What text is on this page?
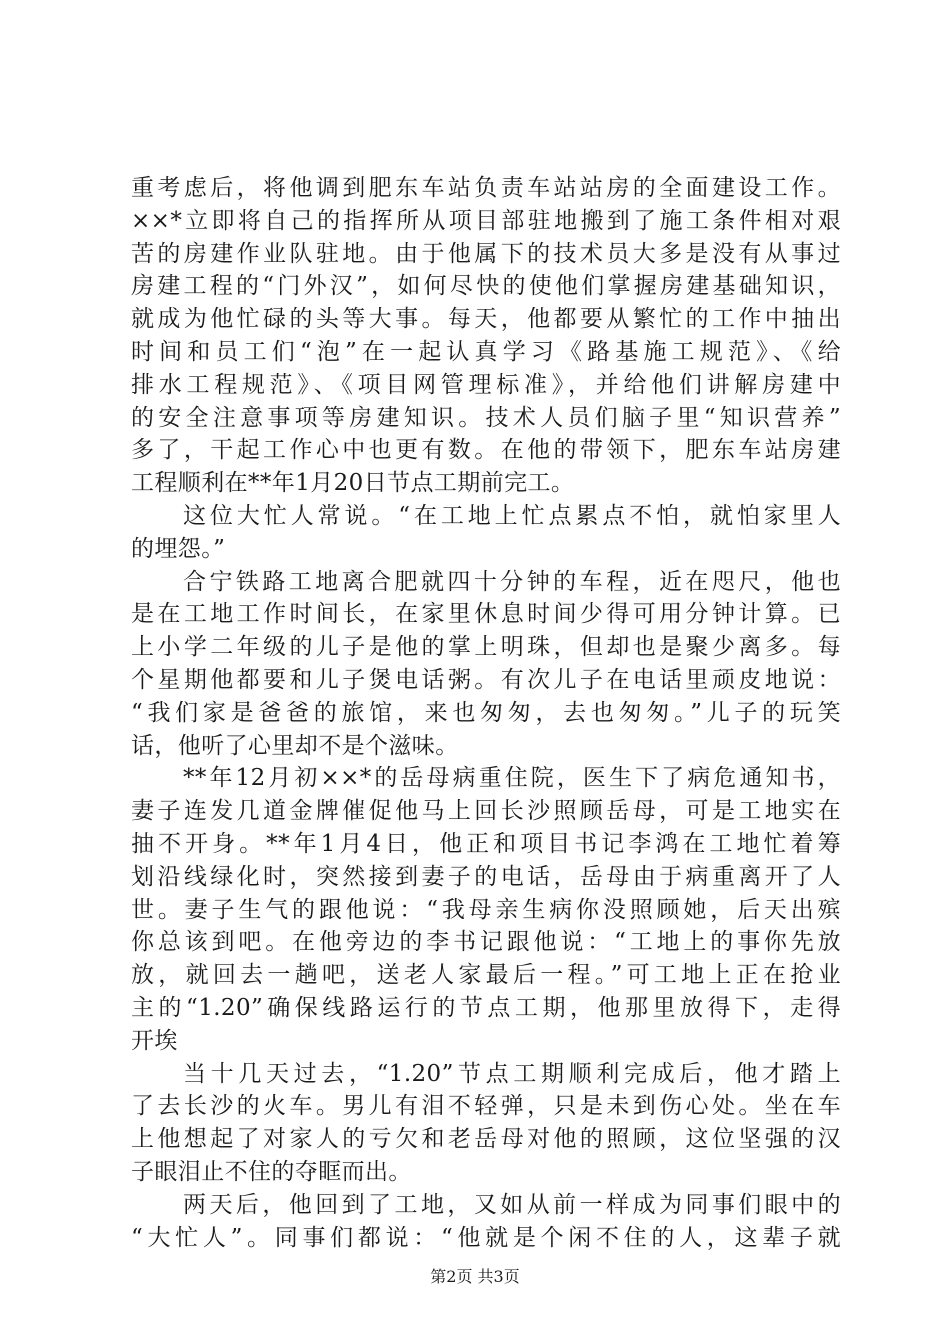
重考虑后，将他调到肥东车站负责车站站房的全面建设工作。
××*立即将自己的指挥所从项目部驻地搬到了施工条件相对艰
苦的房建作业队驻地。由于他属下的技术员大多是没有从事过
房建工程的“门外汉”，如何尽快的使他们掌握房建基础知识，
就成为他忙碌的头等大事。每天，他都要从繁忙的工作中抽出
时间和员工们“泡”在一起认真学习《路基施工规范》、《给
排水工程规范》、《项目网管理标准》，并给他们讲解房建中
的安全注意事项等房建知识。技术人员们脑子里“知识营养”
多了，干起工作心中也更有数。在他的带领下，肥东车站房建
工程顺利在**年1月20日节点工期前完工。
这位大忙人常说。“在工地上忙点累点不怕，就怕家里人
的埋怨。”
合宁铁路工地离合肥就四十分钟的车程，近在咫尺，他也
是在工地工作时间长，在家里休息时间少得可用分钟计算。已
上小学二年级的儿子是他的掌上明珠，但却也是聚少离多。每
个星期他都要和儿子煲电话粥。有次儿子在电话里顽皮地说：
“我们家是爸爸的旅馆，来也匆匆，去也匆匆。”儿子的玩笑
话，他听了心里却不是个滋味。
**年12月初××*的岳母病重住院，医生下了病危通知书，
妻子连发几道金牌催促他马上回长沙照顾岳母，可是工地实在
抽不开身。**年1月4日，他正和项目书记李鸿在工地忙着筹
划沿线绿化时，突然接到妻子的电话，岳母由于病重离开了人
世。妻子生气的跟他说：“我母亲生病你没照顾她，后天出殡
你总该到吧。在他旁边的李书记跟他说：“工地上的事你先放
放，就回去一趟吧，送老人家最后一程。”可工地上正在抢业
主的“1.20”确保线路运行的节点工期，他那里放得下，走得
开埃
当十几天过去，“1.20”节点工期顺利完成后，他才踏上
了去长沙的火车。男儿有泪不轻弹，只是未到伤心处。坐在车
上他想起了对家人的亏欠和老岳母对他的照顾，这位坚强的汉
子眼泪止不住的夺眶而出。
两天后，他回到了工地，又如从前一样成为同事们眼中的
“大忙人”。同事们都说：“他就是个闲不住的人，这辈子就
第2页 共3页
